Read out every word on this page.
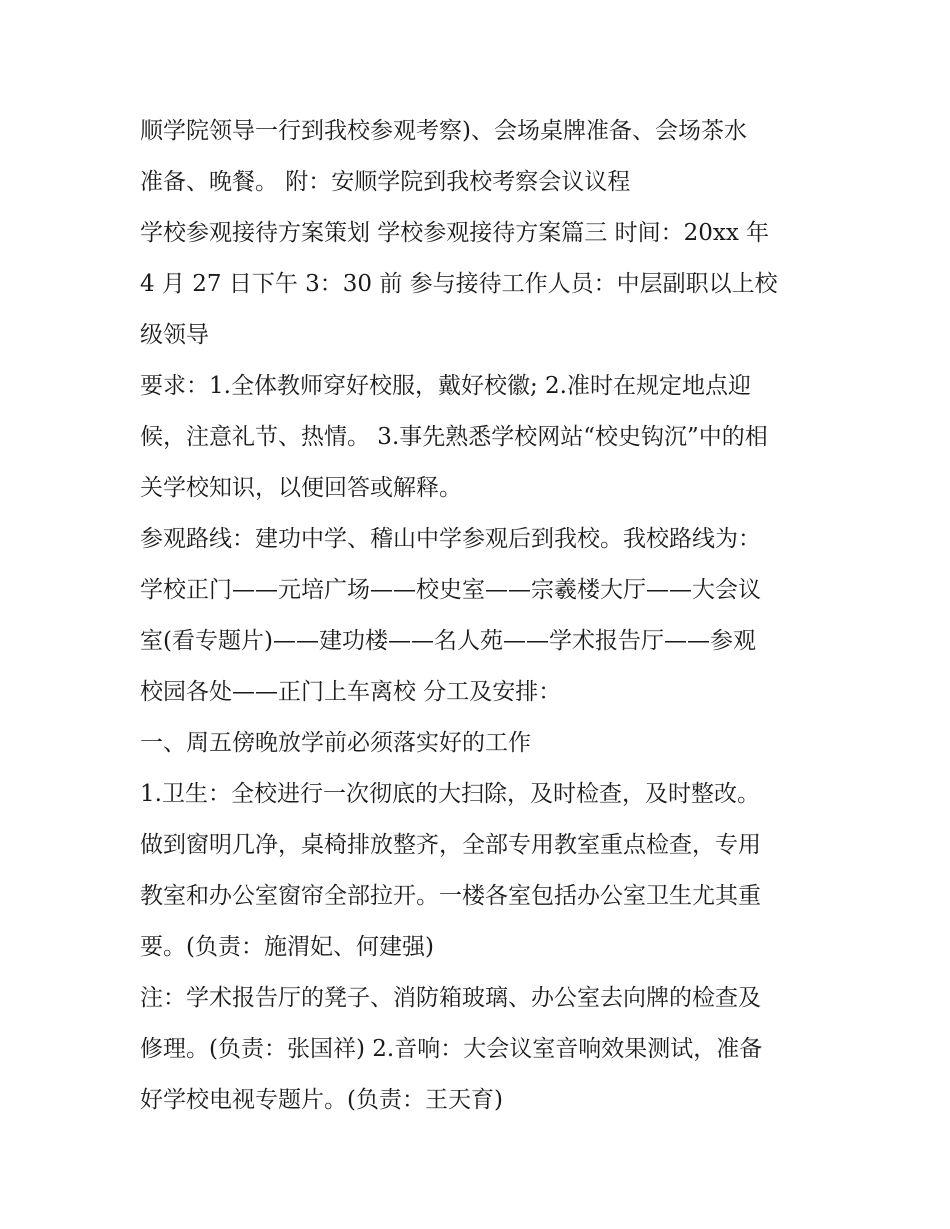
顺学院领导一行到我校参观考察)、会场桌牌准备、会场茶水
准备、晚餐。 附：安顺学院到我校考察会议议程
学校参观接待方案策划 学校参观接待方案篇三 时间：20xx 年
4 月 27 日下午 3：30 前 参与接待工作人员：中层副职以上校
级领导
要求：1.全体教师穿好校服，戴好校徽; 2.准时在规定地点迎
候，注意礼节、热情。 3.事先熟悉学校网站“校史钩沉”中的相
关学校知识，以便回答或解释。
参观路线：建功中学、稽山中学参观后到我校。我校路线为：
学校正门——元培广场——校史室——宗羲楼大厅——大会议
室(看专题片)——建功楼——名人苑——学术报告厅——参观
校园各处——正门上车离校 分工及安排：
一、周五傍晚放学前必须落实好的工作
1.卫生：全校进行一次彻底的大扫除，及时检查，及时整改。
做到窗明几净，桌椅排放整齐，全部专用教室重点检查，专用
教室和办公室窗帘全部拉开。一楼各室包括办公室卫生尤其重
要。(负责：施渭妃、何建强)
注：学术报告厅的凳子、消防箱玻璃、办公室去向牌的检查及
修理。(负责：张国祥) 2.音响：大会议室音响效果测试，准备
好学校电视专题片。(负责：王天育)
